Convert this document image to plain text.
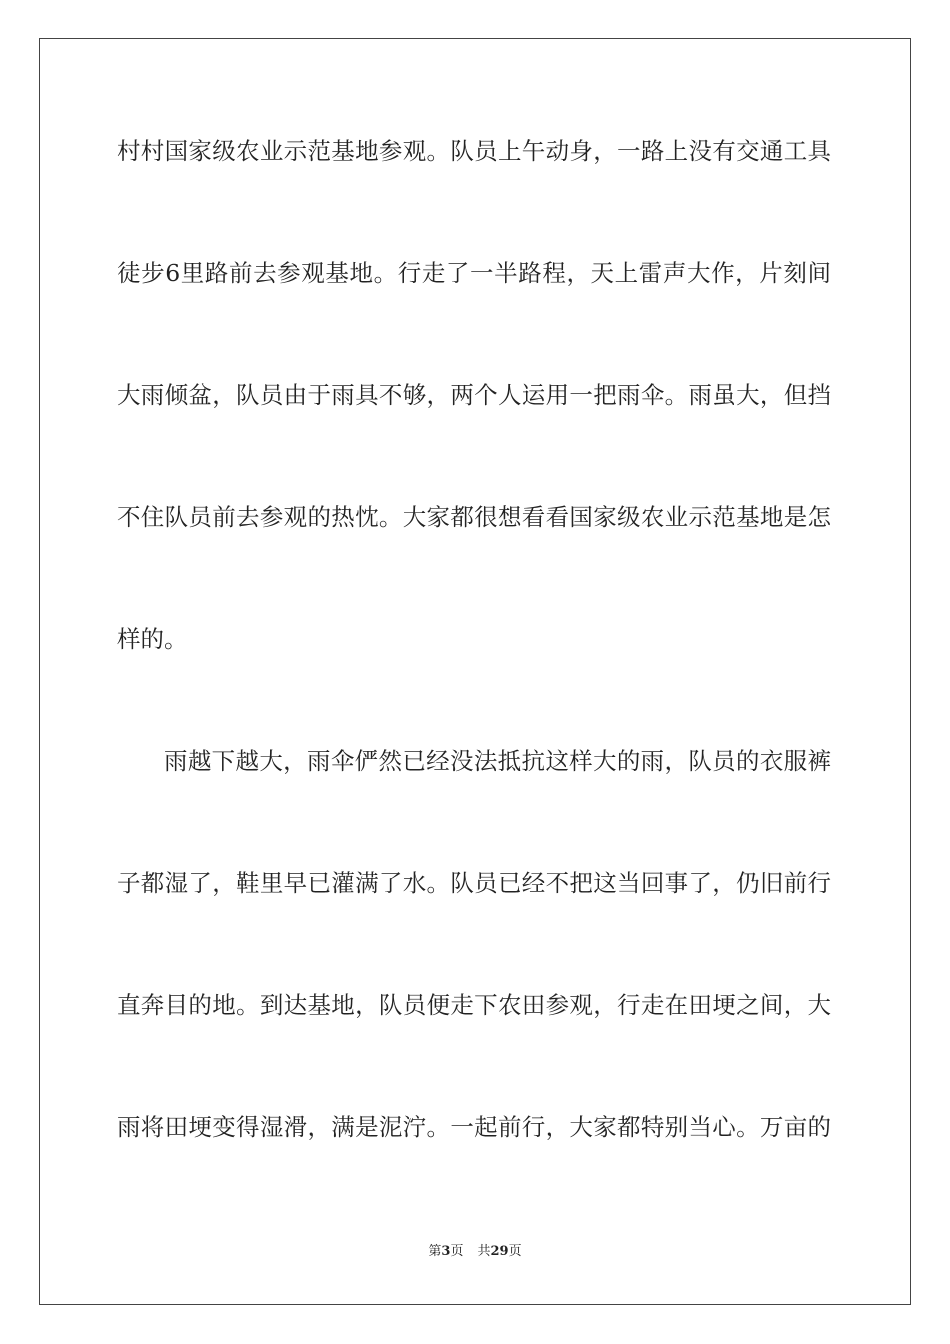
村村国家级农业示范基地参观。队员上午动身，一路上没有交通工具
徒步6里路前去参观基地。行走了一半路程，天上雷声大作，片刻间
大雨倾盆，队员由于雨具不够，两个人运用一把雨伞。雨虽大，但挡
不住队员前去参观的热忱。大家都很想看看国家级农业示范基地是怎
样的。
雨越下越大，雨伞俨然已经没法抵抗这样大的雨，队员的衣服裤
子都湿了，鞋里早已灌满了水。队员已经不把这当回事了，仍旧前行
直奔目的地。到达基地，队员便走下农田参观，行走在田埂之间，大
雨将田埂变得湿滑，满是泥泞。一起前行，大家都特别当心。万亩的
第3页 共29页
